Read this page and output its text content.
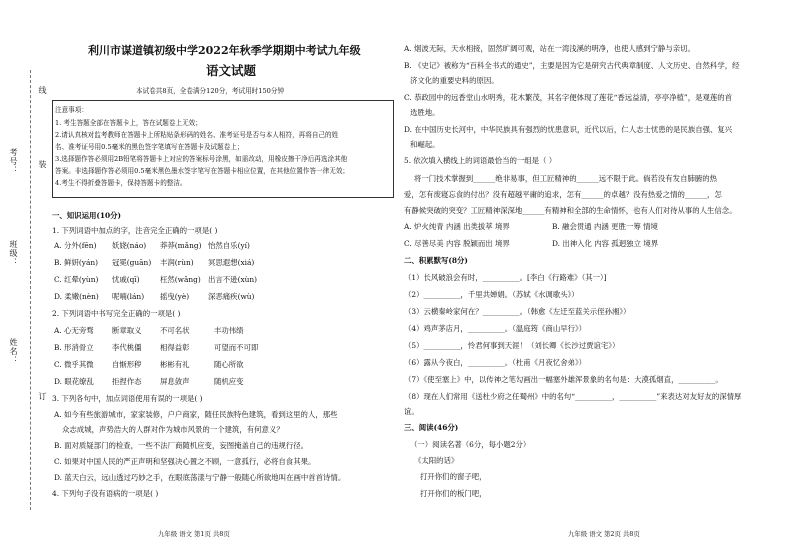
线
考号：
班级：
装
姓名：
订
利川市谋道镇初级中学2022年秋季学期期中考试九年级
语文试题
本试卷共8页，全卷满分120分，考试用时150分钟
注意事项：
1. 考生答题全部在答题卡上，答在试题卷上无效；
2.请认真核对监考教师在答题卡上所粘贴条形码的姓名、准考证号是否与本人相符，再将自己的姓
名、准考证号用0.5毫米的黑色签字笔填写在答题卡及试题卷上；
3.选择题作答必须用2B铅笔将答题卡上对应的答案标号涂黑，如需改动，用橡皮擦干净后再选涂其他
答案。非选择题作答必须用0.5毫米黑色墨水签字笔写在答题卡相应位置，在其他位置作答一律无效；
4.考生不得折叠答题卡，保持答题卡的整洁。
一、知识运用(10分)
1. 下列词语中加点的字，注音完全正确的一项是( )
A. 分外(fēn) 妖娆(náo) 莽莽(mǎng) 怡然自乐(yí)
B. 鲜妍(yán) 冠冕(guān) 丰润(rùn) 冥思遐想(xiá)
C. 红晕(yùn) 忧戚(qī)	枉然(wǎng) 出言不逊(xùn)
D. 柔嫩(nèn) 呢喃(lán) 摇曳(yè)	深恶痛疾(wù)
2. 下列词语中书写完全正确的一项是( )
A. 心无旁骛 断章取义 不可名状	丰功伟绩
B. 形消骨立 李代桃僵 相得益彰	可望而不可即
C. 微乎其微 自惭形秽 彬彬有礼	随心所欲
D. 眼花缭乱 拒捏作态 屏息敛声	随机应变
3. 下列各句中，加点词语使用有误的一项是( )
A. 如今有些旅游城市，家家装修，户户商家，随任民族特色建筑，看到这里的人，那些
众志成城，声势浩大的人群对作为城市风景的一个建筑，有何意义？
B. 面对质疑部门的检查，一些不法厂商随机应变，妄图掩盖自己的违规行径。
C. 如果对中国人民的严正声明和坚强决心置之不顾，一意孤行，必将自食其果。
D. 蓝天白云，远山透过巧妙之手，在眼底荡漾与宁静一般随心所欲地叫在画中首首诗情。
4. 下列句子没有语病的一项是( )
九年级 语文 第1页 共8页
A. 烟波无际，天水相接，固然旷阔可观，站在一湾浅溪的明净，也使人感到宁静与亲切。
B. 《史记》被称为“百科全书式的通史”，主要是因为它是研究古代典章制度、人文历史、自然科学，经
济文化的重要史料的原因。
C. 恭政园中的远香堂山水明秀，花木繁茂，其名字便体现了莲花“香远益清，亭亭净植”，是观莲的首
选胜地。
D. 在中国历史长河中，中华民族具有强烈的忧患意识，近代以后，仁人志士忧患的是民族自强、复兴
和崛起。
5. 依次填入横线上的词语最恰当的一组是（ ）
将一门技术掌握到______绝非易事，但工匠精神的______远不限于此。倘若没有发自肺腑的热
爱，怎有废寝忘食的付出？没有超越平庸的追求，怎有______的卓越？没有热爱之情的______，怎
有静候突破的突变？工匠精神深深地______有精神和全部的生命情怀，也有人们对待从事的人生信念。
A. 炉火纯青 内涵 出类拔萃 境界	B. 融会贯通 内涵 更胜一筹 情境
C. 尽善尽美 内容 脱颖而出 境界	D. 出神入化 内容 孤迥独立 境界
二、积累默写(8分)
（1）长风破浪会有时，__________。[李白《行路难》（其一）]
（2）__________，千里共婵娟。（苏轼《水调歌头》）
（3）云横秦岭家何在？__________。（韩愈《左迁至蓝关示侄孙湘》）
（4）鸡声茅店月，__________。（温庭筠《商山早行》）
（5）__________，怜君何事到天涯！（刘长卿《长沙过贾谊宅》）
（6）露从今夜白，__________。（杜甫《月夜忆舍弟》）
（7）《使至塞上》中，以传神之笔勾画出一幅塞外雄浑景象的名句是：大漠孤烟直，__________。
（8）现在人们常用《送杜少府之任蜀州》中的名句“__________，__________”来表达对友好友的深情厚
谊。
三、阅读(46分)
（一）阅读名著（6分，每小题2分）
《太阳的话》
打开你们的窗子吧，
打开你们的板门吧，
九年级 语文 第2页 共8页
